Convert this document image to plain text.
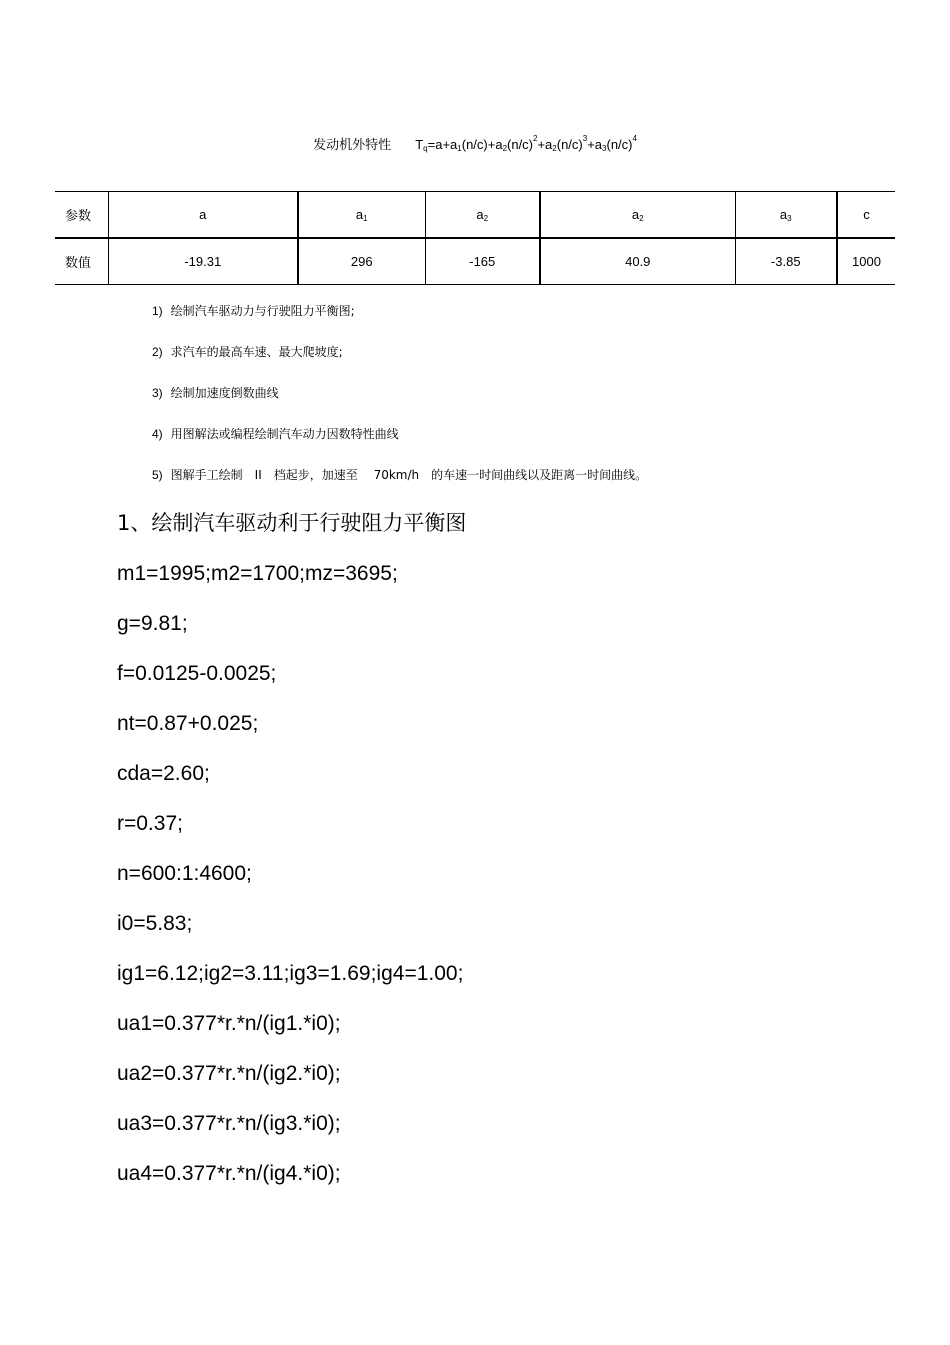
发动机外特性 $T_q=a+a_1(n/c)+a_2(n/c)^2+a_2(n/c)^3+a_3(n/c)^4$
参数	a	$a_1$	$a_2$	$a_2$	$a_3$	c
数值	-19.31	296	-165	40.9	-3.85	1000
1) 绘制汽车驱动力与行驶阻力平衡图;
2) 求汽车的最高车速、最大爬坡度;
3) 绘制加速度倒数曲线
4) 用图解法或编程绘制汽车动力因数特性曲线
5) 图解手工绘制　II　档起步，加速至　 70km/h　的车速一时间曲线以及距离一时间曲线。
1、绘制汽车驱动利于行驶阻力平衡图
m1=1995;m2=1700;mz=3695;
g=9.81;
f=0.0125-0.0025;
nt=0.87+0.025;
cda=2.60;
r=0.37;
n=600:1:4600;
i0=5.83;
ig1=6.12;ig2=3.11;ig3=1.69;ig4=1.00;
ua1=0.377*r.*n/(ig1.*i0);
ua2=0.377*r.*n/(ig2.*i0);
ua3=0.377*r.*n/(ig3.*i0);
ua4=0.377*r.*n/(ig4.*i0);
